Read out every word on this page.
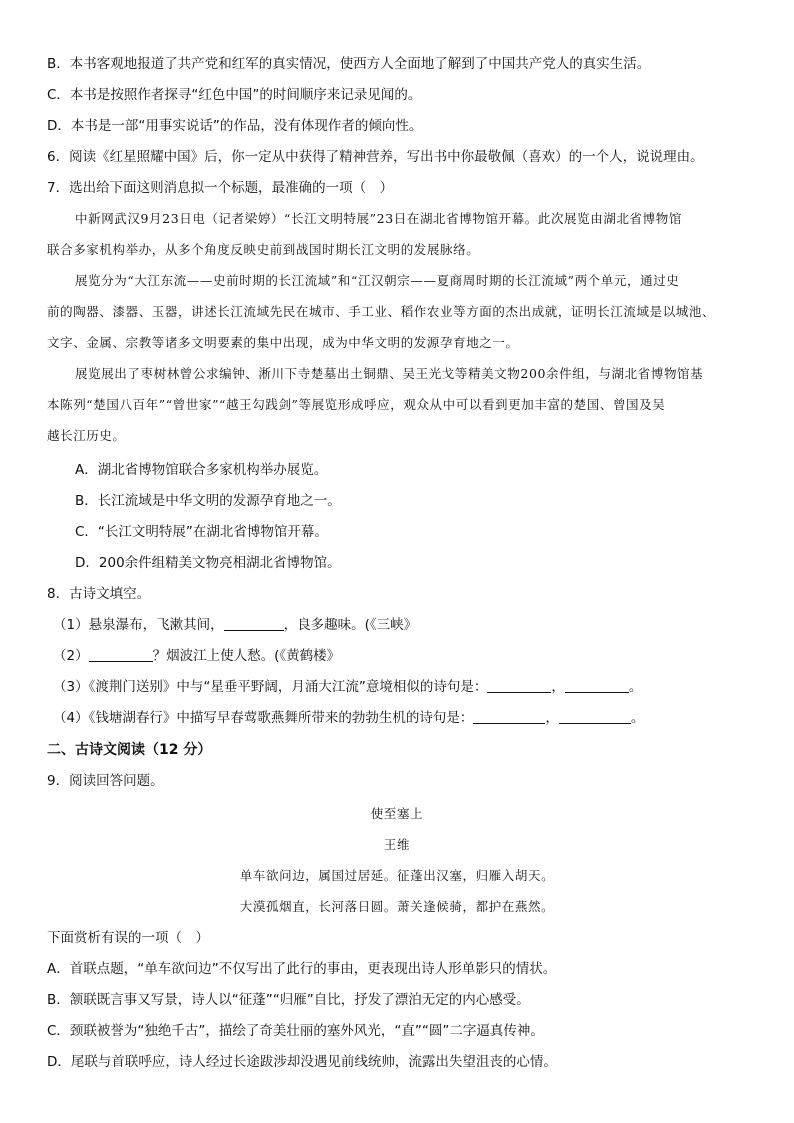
B．本书客观地报道了共产党和红军的真实情况，使西方人全面地了解到了中国共产党人的真实生活。
C．本书是按照作者探寻“红色中国”的时间顺序来记录见闻的。
D．本书是一部“用事实说话”的作品，没有体现作者的倾向性。
6．阅读《红星照耀中国》后，你一定从中获得了精神营养，写出书中你最敬佩（喜欢）的一个人，说说理由。
7．选出给下面这则消息拟一个标题，最准确的一项（　）
中新网武汉9月23日电（记者梁婷）“长江文明特展”23日在湖北省博物馆开幕。此次展览由湖北省博物馆
联合多家机构举办，从多个角度反映史前到战国时期长江文明的发展脉络。
展览分为“大江东流——史前时期的长江流域”和“江汉朝宗——夏商周时期的长江流域”两个单元，通过史
前的陶器、漆器、玉器，讲述长江流域先民在城市、手工业、稻作农业等方面的杰出成就，证明长江流域是以城池、
文字、金属、宗教等诸多文明要素的集中出现，成为中华文明的发源孕育地之一。
展览展出了枣树林曾公求编钟、淅川下寺楚墓出土铜鼎、吴王光戈等精美文物200余件组，与湖北省博物馆基
本陈列“楚国八百年”“曾世家”“越王勾践剑”等展览形成呼应，观众从中可以看到更加丰富的楚国、曾国及吴
越长江历史。
A．湖北省博物馆联合多家机构举办展览。
B．长江流域是中华文明的发源孕育地之一。
C．“长江文明特展”在湖北省博物馆开幕。
D．200余件组精美文物亮相湖北省博物馆。
8．古诗文填空。
（1）悬泉瀑布，飞漱其间，	，良多趣味。(《三峡》
（2）	？烟波江上使人愁。(《黄鹤楼》
（3）《渡荆门送别》中与“星垂平野阔，月涌大江流”意境相似的诗句是：	，	。
（4）《钱塘湖春行》中描写早春莺歌燕舞所带来的勃勃生机的诗句是：	，	。
二、古诗文阅读（12 分）
9．阅读回答问题。
使至塞上
王维
单车欲问边，属国过居延。征蓬出汉塞，归雁入胡天。
大漠孤烟直，长河落日圆。萧关逢候骑，都护在燕然。
下面赏析有误的一项（　）
A．首联点题，“单车欲问边”不仅写出了此行的事由，更表现出诗人形单影只的情状。
B．颔联既言事又写景，诗人以“征蓬”“归雁”自比，抒发了漂泊无定的内心感受。
C．颈联被誉为“独绝千古”，描绘了奇美壮丽的塞外风光，“直”“圆”二字逼真传神。
D．尾联与首联呼应，诗人经过长途跋涉却没遇见前线统帅，流露出失望沮丧的心情。
